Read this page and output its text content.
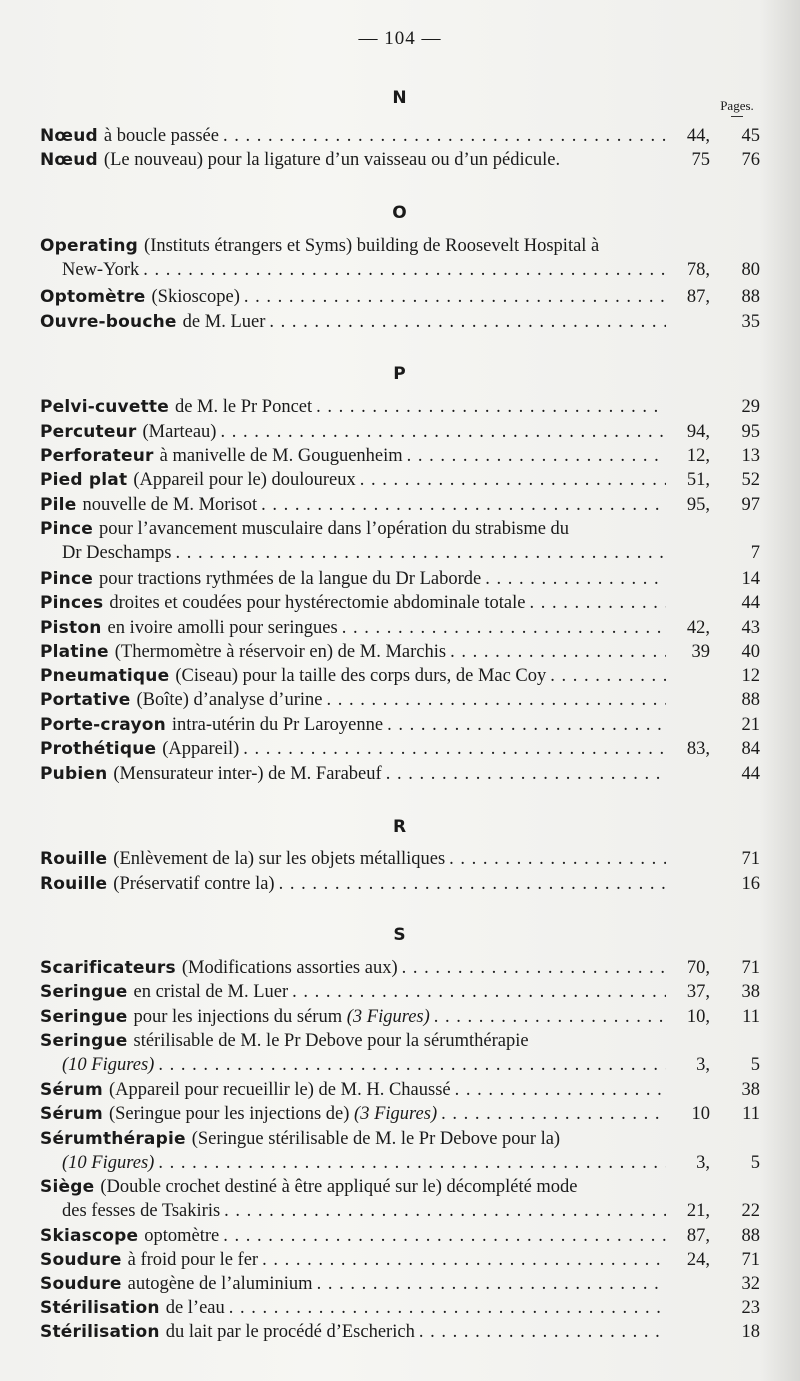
— 104 —
N	Pages.
Nœud à boucle passée . . .	44,	45
Nœud (Le nouveau) pour la ligature d’un vaisseau ou d’un pédicule.	75	76
O
Operating (Instituts étrangers et Syms) building de Roosevelt Hospital à
New-York . . .	78,	80
Optomètre (Skioscope) . . .	87,	88
Ouvre-bouche de M. Luer . . .	35
P
Pelvi-cuvette de M. le Pr Poncet . . .	29
Percuteur (Marteau) . . .	94,	95
Perforateur à manivelle de M. Gouguenheim . . .	12,	13
Pied plat (Appareil pour le) douloureux . . .	51,	52
Pile nouvelle de M. Morisot . . .	95,	97
Pince pour l’avancement musculaire dans l’opération du strabisme du
Dr Deschamps . . .	7
Pince pour tractions rythmées de la langue du Dr Laborde . . .	14
Pinces droites et coudées pour hystérectomie abdominale totale . . .	44
Piston en ivoire amolli pour seringues . . .	42,	43
Platine (Thermomètre à réservoir en) de M. Marchis . . .	39	40
Pneumatique (Ciseau) pour la taille des corps durs, de Mac Coy . . .	12
Portative (Boîte) d’analyse d’urine . . .	88
Porte-crayon intra-utérin du Pr Laroyenne . . .	21
Prothétique (Appareil) . . .	83,	84
Pubien (Mensurateur inter-) de M. Farabeuf . . .	44
R
Rouille (Enlèvement de la) sur les objets métalliques . . .	71
Rouille (Préservatif contre la) . . .	16
S
Scarificateurs (Modifications assorties aux) . . .	70,	71
Seringue en cristal de M. Luer . . .	37,	38
Seringue pour les injections du sérum
(3 Figures) . . .	10,	11
Seringue stérilisable de M. le Pr Debove pour la sérumthérapie
(10 Figures) . . .	3,	5
Sérum (Appareil pour recueillir le) de M. H. Chaussé . . .	38
Sérum (Seringue pour les injections de)
(3 Figures) . . .	10	11
Sérumthérapie (Seringue stérilisable de M. le Pr Debove pour la)
(10 Figures) . . .	3,	5
Siège (Double crochet destiné à être appliqué sur le) décomplété mode
des fesses de Tsakiris . . .	21,	22
Skiascope optomètre . . .	87,	88
Soudure à froid pour le fer . . .	24,	71
Soudure autogène de l’aluminium . . .	32
Stérilisation de l’eau . . .	23
Stérilisation du lait par le procédé d’Escherich . . .	18
